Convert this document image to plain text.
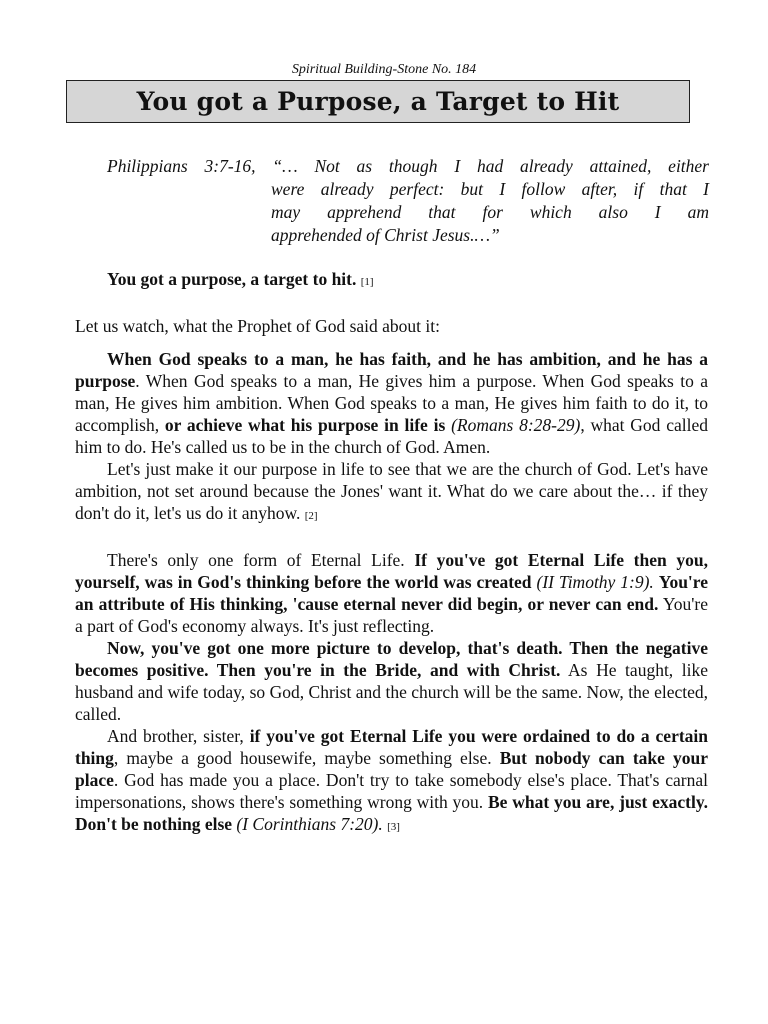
Spiritual Building-Stone No. 184
You got a Purpose, a Target to Hit
Philippians 3:7-16, “… Not as though I had already attained, either
were already perfect: but I follow after, if that I
may apprehend that for which also I am
apprehended of Christ Jesus.…”

You got a purpose, a target to hit. [1]

Let us watch, what the Prophet of God said about it:

When God speaks to a man, he has faith, and he has ambition, and he has a purpose. When God speaks to a man, He gives him a purpose. When God speaks to a man, He gives him ambition. When God speaks to a man, He gives him faith to do it, to accomplish, or achieve what his purpose in life is (Romans 8:28-29), what God called him to do. He's called us to be in the church of God. Amen.

Let's just make it our purpose in life to see that we are the church of God. Let's have ambition, not set around because the Jones' want it. What do we care about the… if they don't do it, let's us do it anyhow. [2]

There's only one form of Eternal Life. If you've got Eternal Life then you, yourself, was in God's thinking before the world was created (II Timothy 1:9). You're an attribute of His thinking, 'cause eternal never did begin, or never can end. You're a part of God's economy always. It's just reflecting.

Now, you've got one more picture to develop, that's death. Then the negative becomes positive. Then you're in the Bride, and with Christ. As He taught, like husband and wife today, so God, Christ and the church will be the same. Now, the elected, called.

And brother, sister, if you've got Eternal Life you were ordained to do a certain thing, maybe a good housewife, maybe something else. But nobody can take your place. God has made you a place. Don't try to take somebody else's place. That's carnal impersonations, shows there's something wrong with you. Be what you are, just exactly. Don't be nothing else (I Corinthians 7:20). [3]
